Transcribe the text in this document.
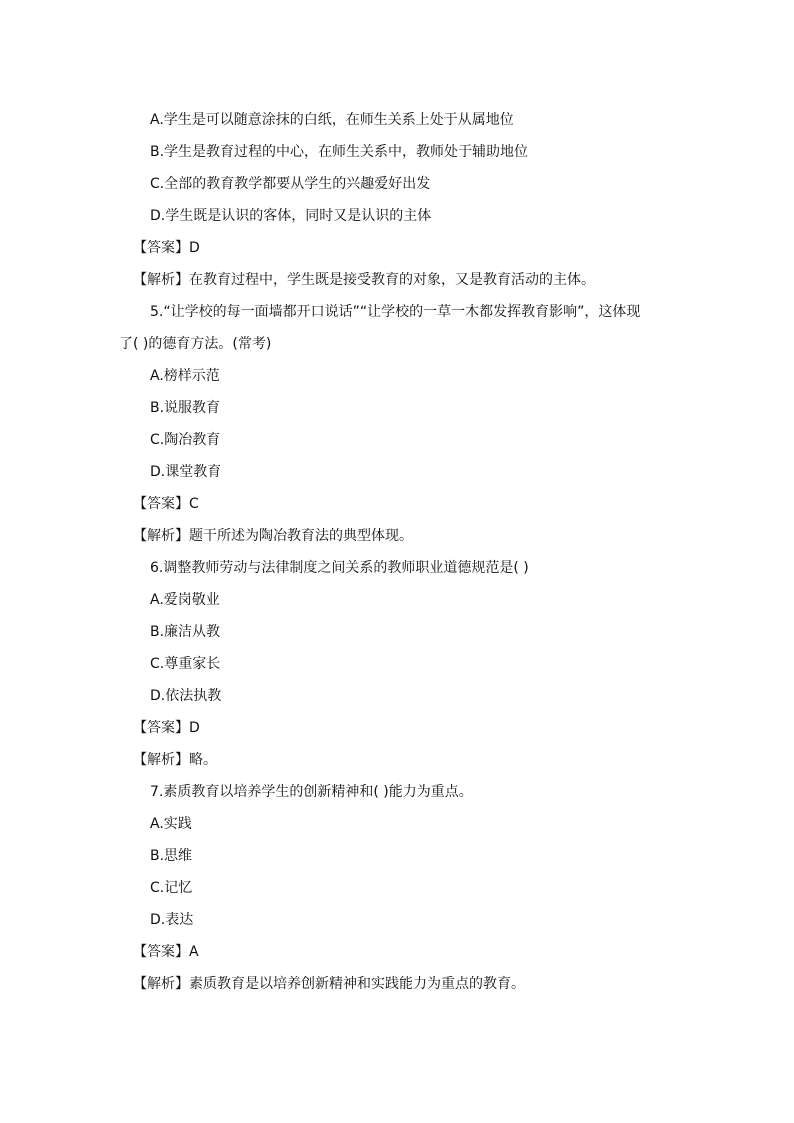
A.学生是可以随意涂抹的白纸，在师生关系上处于从属地位
B.学生是教育过程的中心，在师生关系中，教师处于辅助地位
C.全部的教育教学都要从学生的兴趣爱好出发
D.学生既是认识的客体，同时又是认识的主体
【答案】D
【解析】在教育过程中，学生既是接受教育的对象，又是教育活动的主体。
5.“让学校的每一面墙都开口说话”“让学校的一草一木都发挥教育影响”，这体现
了( )的德育方法。(常考)
A.榜样示范
B.说服教育
C.陶冶教育
D.课堂教育
【答案】C
【解析】题干所述为陶冶教育法的典型体现。
6.调整教师劳动与法律制度之间关系的教师职业道德规范是( )
A.爱岗敬业
B.廉洁从教
C.尊重家长
D.依法执教
【答案】D
【解析】略。
7.素质教育以培养学生的创新精神和( )能力为重点。
A.实践
B.思维
C.记忆
D.表达
【答案】A
【解析】素质教育是以培养创新精神和实践能力为重点的教育。
